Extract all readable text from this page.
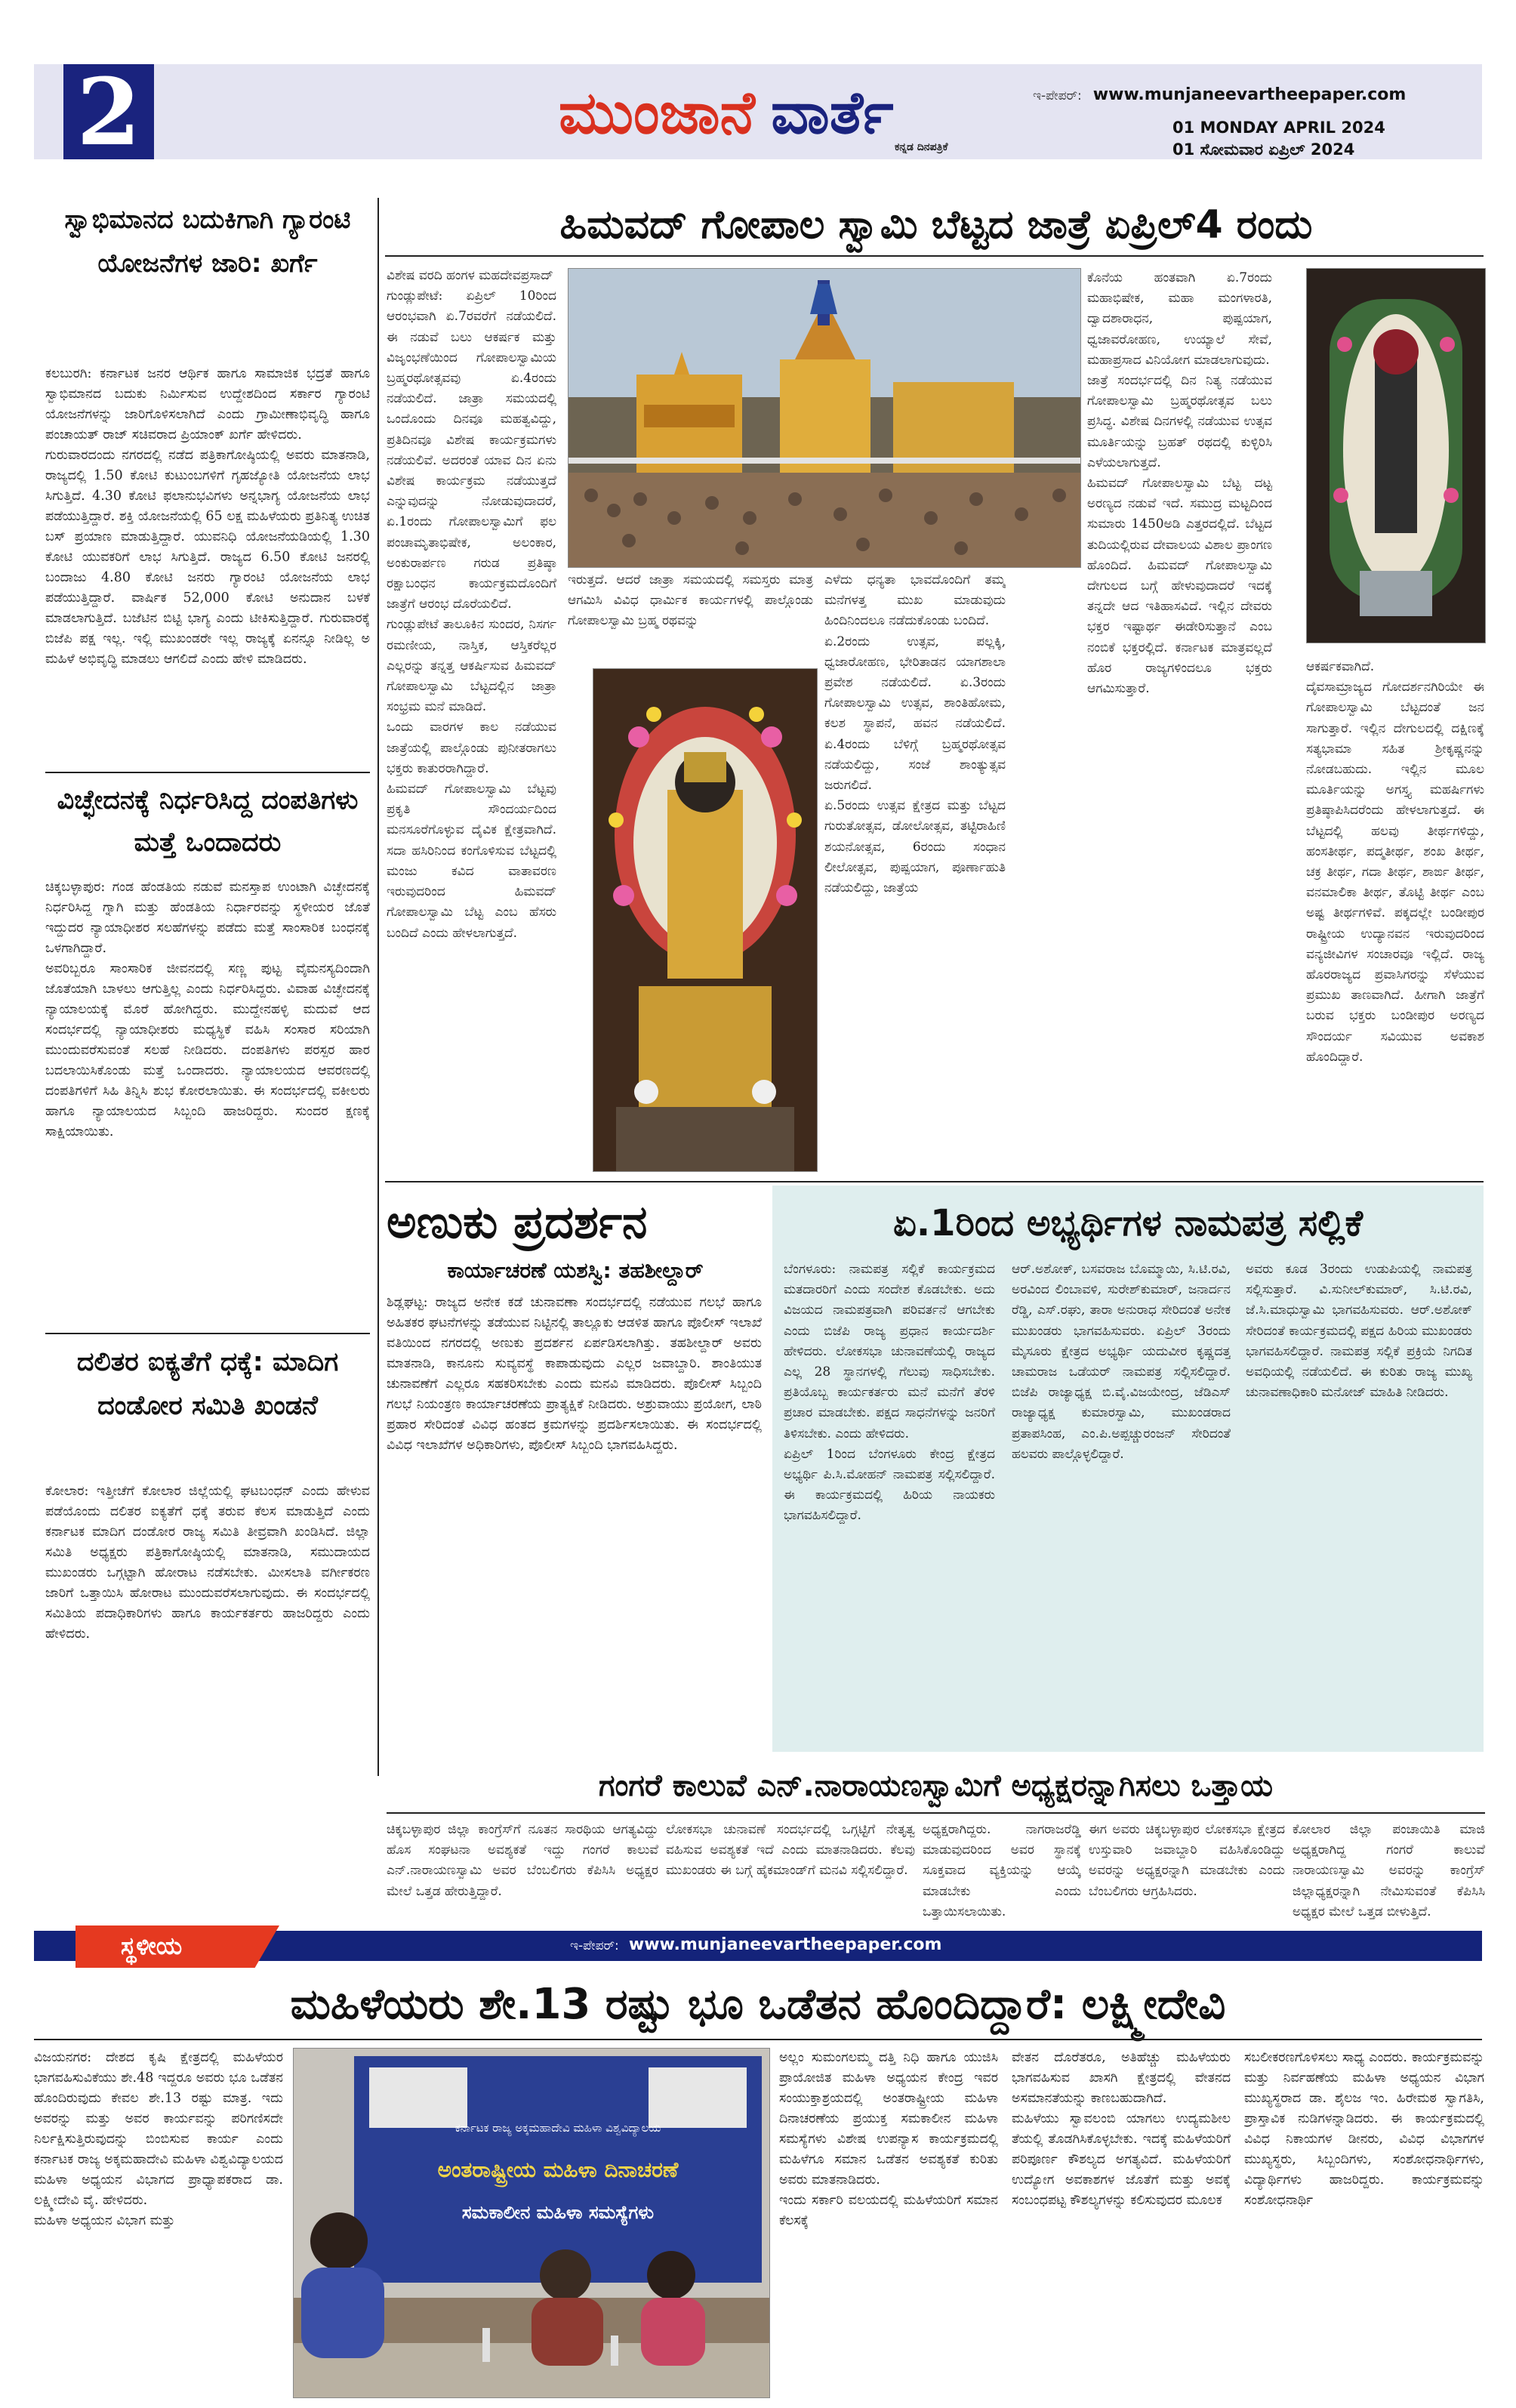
2	ಮುಂಜಾನೆ ವಾರ್ತೆ ಕನ್ನಡ ದಿನಪತ್ರಿಕೆ
ಇ-ಪೇಪರ್: www.munjaneevartheepaper.com
01 MONDAY APRIL 2024
01 ಸೋಮವಾರ ಏಪ್ರಿಲ್ 2024
ಸ್ವಾಭಿಮಾನದ ಬದುಕಿಗಾಗಿ ಗ್ಯಾರಂಟಿ ಯೋಜನೆಗಳ ಜಾರಿ: ಖರ್ಗೆ
ಕಲಬುರಗಿ: ಕರ್ನಾಟಕ ಜನರ ಆರ್ಥಿಕ ಹಾಗೂ ಸಾಮಾಜಿಕ ಭದ್ರತೆ ಹಾಗೂ ಸ್ವಾಭಿಮಾನದ ಬದುಕು ನಿರ್ಮಿಸುವ ಉದ್ದೇಶದಿಂದ ಸರ್ಕಾರ ಗ್ಯಾರಂಟಿ ಯೋಜನೆಗಳನ್ನು ಜಾರಿಗೊಳಿಸಲಾಗಿದೆ ಎಂದು ಗ್ರಾಮೀಣಾಭಿವೃದ್ಧಿ ಹಾಗೂ ಪಂಚಾಯತ್ ರಾಜ್ ಸಚಿವರಾದ ಪ್ರಿಯಾಂಕ್ ಖರ್ಗೆ ಹೇಳಿದರು.
ಗುರುವಾರದಂದು ನಗರದಲ್ಲಿ ನಡೆದ ಪತ್ರಿಕಾಗೋಷ್ಠಿಯಲ್ಲಿ ಅವರು ಮಾತನಾಡಿ, ರಾಜ್ಯದಲ್ಲಿ 1.50 ಕೋಟಿ ಕುಟುಂಬಗಳಿಗೆ ಗೃಹಜ್ಯೋತಿ ಯೋಜನೆಯ ಲಾಭ ಸಿಗುತ್ತಿದೆ. 4.30 ಕೋಟಿ ಫಲಾನುಭವಿಗಳು ಅನ್ನಭಾಗ್ಯ ಯೋಜನೆಯ ಲಾಭ ಪಡೆಯುತ್ತಿದ್ದಾರೆ. ಶಕ್ತಿ ಯೋಜನೆಯಲ್ಲಿ 65 ಲಕ್ಷ ಮಹಿಳೆಯರು ಪ್ರತಿನಿತ್ಯ ಉಚಿತ ಬಸ್ ಪ್ರಯಾಣ ಮಾಡುತ್ತಿದ್ದಾರೆ. ಯುವನಿಧಿ ಯೋಜನೆಯಡಿಯಲ್ಲಿ 1.30 ಕೋಟಿ ಯುವಕರಿಗೆ ಲಾಭ ಸಿಗುತ್ತಿದೆ. ರಾಜ್ಯದ 6.50 ಕೋಟಿ ಜನರಲ್ಲಿ ಬಂದಾಜು 4.80 ಕೋಟಿ ಜನರು ಗ್ಯಾರಂಟಿ ಯೋಜನೆಯ ಲಾಭ ಪಡೆಯುತ್ತಿದ್ದಾರೆ. ವಾರ್ಷಿಕ 52,000 ಕೋಟಿ ಅನುದಾನ ಬಳಕೆ ಮಾಡಲಾಗುತ್ತಿದೆ. ಬಜೆಟಿನ ಬಿಟ್ಟಿ ಭಾಗ್ಯ ಎಂದು ಟೀಕಿಸುತ್ತಿದ್ದಾರೆ. ಗುರುವಾರಕ್ಕೆ ಬಿಜೆಪಿ ಪಕ್ಷ ಇಲ್ಲ. ಇಲ್ಲಿ ಮುಖಂಡರೇ ಇಲ್ಲ ರಾಜ್ಯಕ್ಕೆ ಏನನ್ನೂ ನೀಡಿಲ್ಲ ಅ ಮಹಿಳೆ ಅಭಿವೃದ್ಧಿ ಮಾಡಲು ಆಗಲಿದೆ ಎಂದು ಹೇಳಿ ಮಾಡಿದರು.
ವಿಚ್ಛೇದನಕ್ಕೆ ನಿರ್ಧರಿಸಿದ್ದ ದಂಪತಿಗಳು ಮತ್ತೆ ಒಂದಾದರು
ಚಿಕ್ಕಬಳ್ಳಾಪುರ: ಗಂಡ ಹೆಂಡತಿಯ ನಡುವೆ ಮನಸ್ತಾಪ ಉಂಟಾಗಿ ವಿಚ್ಛೇದನಕ್ಕೆ ನಿರ್ಧರಿಸಿದ್ದ ಗ್ನಾಗಿ ಮತ್ತು ಹೆಂಡತಿಯ ನಿರ್ಧಾರವನ್ನು ಸ್ಥಳೀಯರ ಜೊತೆ ಇದ್ದುದರ ನ್ಯಾಯಾಧೀಶರ ಸಲಹೆಗಳನ್ನು ಪಡೆದು ಮತ್ತೆ ಸಾಂಸಾರಿಕ ಬಂಧನಕ್ಕೆ ಒಳಗಾಗಿದ್ದಾರೆ.
ಅವರಿಬ್ಬರೂ ಸಾಂಸಾರಿಕ ಜೀವನದಲ್ಲಿ ಸಣ್ಣ ಪುಟ್ಟ ವೈಮನಸ್ಯದಿಂದಾಗಿ ಜೊತೆಯಾಗಿ ಬಾಳಲು ಆಗುತ್ತಿಲ್ಲ ಎಂದು ನಿರ್ಧರಿಸಿದ್ದರು. ವಿವಾಹ ವಿಚ್ಛೇದನಕ್ಕೆ ನ್ಯಾಯಾಲಯಕ್ಕೆ ಮೊರೆ ಹೋಗಿದ್ದರು. ಮುದ್ದೇನಹಳ್ಳಿ ಮದುವೆ ಆದ ಸಂದರ್ಭದಲ್ಲಿ ನ್ಯಾಯಾಧೀಶರು ಮಧ್ಯಸ್ಥಿಕೆ ವಹಿಸಿ ಸಂಸಾರ ಸರಿಯಾಗಿ ಮುಂದುವರೆಸುವಂತೆ ಸಲಹೆ ನೀಡಿದರು. ದಂಪತಿಗಳು ಪರಸ್ಪರ ಹಾರ ಬದಲಾಯಿಸಿಕೊಂಡು ಮತ್ತೆ ಒಂದಾದರು. ನ್ಯಾಯಾಲಯದ ಆವರಣದಲ್ಲಿ ದಂಪತಿಗಳಿಗೆ ಸಿಹಿ ತಿನ್ನಿಸಿ ಶುಭ ಕೋರಲಾಯಿತು. ಈ ಸಂದರ್ಭದಲ್ಲಿ ವಕೀಲರು ಹಾಗೂ ನ್ಯಾಯಾಲಯದ ಸಿಬ್ಬಂದಿ ಹಾಜರಿದ್ದರು. ಸುಂದರ ಕ್ಷಣಕ್ಕೆ ಸಾಕ್ಷಿಯಾಯಿತು.
ದಲಿತರ ಐಕ್ಯತೆಗೆ ಧಕ್ಕೆ: ಮಾದಿಗ ದಂಡೋರ ಸಮಿತಿ ಖಂಡನೆ
ಕೋಲಾರ: ಇತ್ತೀಚೆಗೆ ಕೋಲಾರ ಜಿಲ್ಲೆಯಲ್ಲಿ ಘಟಬಂಧನ್ ಎಂದು ಹೇಳುವ ಪಡೆಯೊಂದು ದಲಿತರ ಐಕ್ಯತೆಗೆ ಧಕ್ಕೆ ತರುವ ಕೆಲಸ ಮಾಡುತ್ತಿದೆ ಎಂದು ಕರ್ನಾಟಕ ಮಾದಿಗ ದಂಡೋರ ರಾಜ್ಯ ಸಮಿತಿ ತೀವ್ರವಾಗಿ ಖಂಡಿಸಿದೆ. ಜಿಲ್ಲಾ ಸಮಿತಿ ಅಧ್ಯಕ್ಷರು ಪತ್ರಿಕಾಗೋಷ್ಠಿಯಲ್ಲಿ ಮಾತನಾಡಿ, ಸಮುದಾಯದ ಮುಖಂಡರು ಒಗ್ಗಟ್ಟಾಗಿ ಹೋರಾಟ ನಡೆಸಬೇಕು. ಮೀಸಲಾತಿ ವರ್ಗೀಕರಣ ಜಾರಿಗೆ ಒತ್ತಾಯಿಸಿ ಹೋರಾಟ ಮುಂದುವರೆಸಲಾಗುವುದು. ಈ ಸಂದರ್ಭದಲ್ಲಿ ಸಮಿತಿಯ ಪದಾಧಿಕಾರಿಗಳು ಹಾಗೂ ಕಾರ್ಯಕರ್ತರು ಹಾಜರಿದ್ದರು ಎಂದು ಹೇಳಿದರು.
ಹಿಮವದ್ ಗೋಪಾಲ ಸ್ವಾಮಿ ಬೆಟ್ಟದ ಜಾತ್ರೆ ಏಪ್ರಿಲ್4 ರಂದು
ವಿಶೇಷ ವರದಿ ಹಂಗಳ ಮಹದೇವಪ್ರಸಾದ್
ಗುಂಡ್ಲುಪೇಟೆ: ಏಪ್ರಿಲ್ 10ರಿಂದ ಆರಂಭವಾಗಿ ಏ.7ರವರೆಗೆ ನಡೆಯಲಿದೆ. ಈ ನಡುವೆ ಬಲು ಆಕರ್ಷಕ ಮತ್ತು ವಿಜೃಂಭಣೆಯಿಂದ ಗೋಪಾಲಸ್ವಾಮಿಯ ಬ್ರಹ್ಮರಥೋತ್ಸವವು ಏ.4ರಂದು ನಡೆಯಲಿದೆ. ಜಾತ್ರಾ ಸಮಯದಲ್ಲಿ ಒಂದೊಂದು ದಿನವೂ ಮಹತ್ವವಿದ್ದು, ಪ್ರತಿದಿನವೂ ವಿಶೇಷ ಕಾರ್ಯಕ್ರಮಗಳು ನಡೆಯಲಿವೆ. ಅದರಂತೆ ಯಾವ ದಿನ ಏನು ವಿಶೇಷ ಕಾರ್ಯಕ್ರಮ ನಡೆಯುತ್ತದೆ ಎನ್ನುವುದನ್ನು ನೋಡುವುದಾದರೆ, ಏ.1ರಂದು ಗೋಪಾಲಸ್ವಾಮಿಗೆ ಫಲ ಪಂಚಾಮೃತಾಭಿಷೇಕ, ಅಲಂಕಾರ, ಅಂಕುರಾರ್ಪಣ ಗರುಡ ಪ್ರತಿಷ್ಠಾ ರಕ್ಷಾಬಂಧನ ಕಾರ್ಯಕ್ರಮದೊಂದಿಗೆ ಜಾತ್ರೆಗೆ ಆರಂಭ ದೊರೆಯಲಿದೆ.
ಗುಂಡ್ಲುಪೇಟೆ ತಾಲೂಕಿನ ಸುಂದರ, ನಿಸರ್ಗ ರಮಣೀಯ, ನಾಸ್ತಿಕ, ಆಸ್ತಿಕರೆಲ್ಲರ ಎಲ್ಲರನ್ನು ತನ್ನತ್ತ ಆಕರ್ಷಿಸುವ ಹಿಮವದ್ ಗೋಪಾಲಸ್ವಾಮಿ ಬೆಟ್ಟದಲ್ಲಿನ ಜಾತ್ರಾ ಸಂಭ್ರಮ ಮನೆ ಮಾಡಿದೆ.
ಒಂದು ವಾರಗಳ ಕಾಲ ನಡೆಯುವ ಜಾತ್ರೆಯಲ್ಲಿ ಪಾಲ್ಗೊಂಡು ಪುನೀತರಾಗಲು ಭಕ್ತರು ಕಾತುರರಾಗಿದ್ದಾರೆ.
ಹಿಮವದ್ ಗೋಪಾಲಸ್ವಾಮಿ ಬೆಟ್ಟವು ಪ್ರಕೃತಿ ಸೌಂದರ್ಯದಿಂದ ಮನಸೂರೆಗೊಳ್ಳುವ ದೈವಿಕ ಕ್ಷೇತ್ರವಾಗಿದೆ. ಸದಾ ಹಸಿರಿನಿಂದ ಕಂಗೊಳಿಸುವ ಬೆಟ್ಟದಲ್ಲಿ ಮಂಜು ಕವಿದ ವಾತಾವರಣ ಇರುವುದರಿಂದ ಹಿಮವದ್ ಗೋಪಾಲಸ್ವಾಮಿ ಬೆಟ್ಟ ಎಂಬ ಹೆಸರು ಬಂದಿದೆ ಎಂದು ಹೇಳಲಾಗುತ್ತದೆ.
ಇರುತ್ತದೆ. ಆದರೆ ಜಾತ್ರಾ ಸಮಯದಲ್ಲಿ ಸಮಸ್ತರು ಮಾತ್ರ ಆಗಮಿಸಿ ವಿವಿಧ ಧಾರ್ಮಿಕ ಕಾರ್ಯಗಳಲ್ಲಿ ಪಾಲ್ಗೊಂಡು ಗೋಪಾಲಸ್ವಾಮಿ ಬ್ರಹ್ಮ ರಥವನ್ನು
ಎಳೆದು ಧನ್ಯತಾ ಭಾವದೊಂದಿಗೆ ತಮ್ಮ ಮನೆಗಳತ್ತ ಮುಖ ಮಾಡುವುದು ಹಿಂದಿನಿಂದಲೂ ನಡೆದುಕೊಂಡು ಬಂದಿದೆ.
ಏ.2ರಂದು ಉತ್ಸವ, ಪಲ್ಲಕ್ಕಿ, ಧ್ವಜಾರೋಹಣ, ಭೇರಿತಾಡನ ಯಾಗಶಾಲಾ ಪ್ರವೇಶ ನಡೆಯಲಿದೆ. ಏ.3ರಂದು ಗೋಪಾಲಸ್ವಾಮಿ ಉತ್ಸವ, ಶಾಂತಿಹೋಮ, ಕಲಶ ಸ್ಥಾಪನೆ, ಹವನ ನಡೆಯಲಿದೆ. ಏ.4ರಂದು ಬೆಳಿಗ್ಗೆ ಬ್ರಹ್ಮರಥೋತ್ಸವ ನಡೆಯಲಿದ್ದು, ಸಂಜೆ ಶಾಂತ್ಯುತ್ಸವ ಜರುಗಲಿದೆ.
ಏ.5ರಂದು ಉತ್ಸವ ಕ್ಷೇತ್ರದ ಮತ್ತು ಬೆಟ್ಟದ ಗುರುತೋತ್ಸವ, ಡೋಲೋತ್ಸವ, ತಟ್ಟಿರಾಹಿಣಿ ಶಯನೋತ್ಸವ, 6ರಂದು ಸಂಧಾನ ಲೀಲೋತ್ಸವ, ಪುಷ್ಪಯಾಗ, ಪೂರ್ಣಾಹುತಿ ನಡೆಯಲಿದ್ದು, ಜಾತ್ರೆಯ
ಕೊನೆಯ ಹಂತವಾಗಿ ಏ.7ರಂದು ಮಹಾಭಿಷೇಕ, ಮಹಾ ಮಂಗಳಾರತಿ, ದ್ವಾದಶಾರಾಧನ, ಪುಷ್ಪಯಾಗ, ಧ್ವಜಾವರೋಹಣ, ಉಯ್ಯಾಲೆ ಸೇವೆ, ಮಹಾಪ್ರಸಾದ ವಿನಿಯೋಗ ಮಾಡಲಾಗುವುದು.
ಜಾತ್ರೆ ಸಂದರ್ಭದಲ್ಲಿ ದಿನ ನಿತ್ಯ ನಡೆಯುವ ಗೋಪಾಲಸ್ವಾಮಿ ಬ್ರಹ್ಮರಥೋತ್ಸವ ಬಲು ಪ್ರಸಿದ್ಧ. ವಿಶೇಷ ದಿನಗಳಲ್ಲಿ ನಡೆಯುವ ಉತ್ಸವ ಮೂರ್ತಿಯನ್ನು ಬ್ರಹತ್ ರಥದಲ್ಲಿ ಕುಳ್ಳಿರಿಸಿ ಎಳೆಯಲಾಗುತ್ತದೆ.
ಹಿಮವದ್ ಗೋಪಾಲಸ್ವಾಮಿ ಬೆಟ್ಟ ದಟ್ಟ ಅರಣ್ಯದ ನಡುವೆ ಇದೆ. ಸಮುದ್ರ ಮಟ್ಟದಿಂದ ಸುಮಾರು 1450ಅಡಿ ಎತ್ತರದಲ್ಲಿದೆ. ಬೆಟ್ಟದ ತುದಿಯಲ್ಲಿರುವ ದೇವಾಲಯ ವಿಶಾಲ ಪ್ರಾಂಗಣ ಹೊಂದಿದೆ. ಹಿಮವದ್ ಗೋಪಾಲಸ್ವಾಮಿ ದೇಗುಲದ ಬಗ್ಗೆ ಹೇಳುವುದಾದರೆ ಇದಕ್ಕೆ ತನ್ನದೇ ಆದ ಇತಿಹಾಸವಿದೆ. ಇಲ್ಲಿನ ದೇವರು ಭಕ್ತರ ಇಷ್ಟಾರ್ಥ ಈಡೇರಿಸುತ್ತಾನೆ ಎಂಬ ನಂಬಿಕೆ ಭಕ್ತರಲ್ಲಿದೆ. ಕರ್ನಾಟಕ ಮಾತ್ರವಲ್ಲದೆ ಹೊರ ರಾಜ್ಯಗಳಿಂದಲೂ ಭಕ್ತರು ಆಗಮಿಸುತ್ತಾರೆ.
ಆಕರ್ಷಕವಾಗಿದೆ.
ದೈವಸಾಮ್ರಾಜ್ಯದ ಗೋದರ್ಶನಗಿರಿಯೇ ಈ ಗೋಪಾಲಸ್ವಾಮಿ ಬೆಟ್ಟದಂತೆ ಜನ ಸಾಗುತ್ತಾರೆ. ಇಲ್ಲಿನ ದೇಗುಲದಲ್ಲಿ ದಕ್ಷಿಣಕ್ಕೆ ಸತ್ಯಭಾಮಾ ಸಹಿತ ಶ್ರೀಕೃಷ್ಣನನ್ನು ನೋಡಬಹುದು. ಇಲ್ಲಿನ ಮೂಲ ಮೂರ್ತಿಯನ್ನು ಅಗಸ್ತ್ಯ ಮಹರ್ಷಿಗಳು ಪ್ರತಿಷ್ಠಾಪಿಸಿದರೆಂದು ಹೇಳಲಾಗುತ್ತದೆ. ಈ ಬೆಟ್ಟದಲ್ಲಿ ಹಲವು ತೀರ್ಥಗಳಿದ್ದು, ಹಂಸತೀರ್ಥ, ಪದ್ಮತೀರ್ಥ, ಶಂಖ ತೀರ್ಥ, ಚಕ್ರ ತೀರ್ಥ, ಗದಾ ತೀರ್ಥ, ಶಾರ್ಙ ತೀರ್ಥ, ವನಮಾಲಿಕಾ ತೀರ್ಥ, ತೊಟ್ಟಿ ತೀರ್ಥ ಎಂಬ ಅಷ್ಟ ತೀರ್ಥಗಳಿವೆ. ಪಕ್ಕದಲ್ಲೇ ಬಂಡೀಪುರ ರಾಷ್ಟ್ರೀಯ ಉದ್ಯಾನವನ ಇರುವುದರಿಂದ ವನ್ಯಜೀವಿಗಳ ಸಂಚಾರವೂ ಇಲ್ಲಿದೆ. ರಾಜ್ಯ ಹೊರರಾಜ್ಯದ ಪ್ರವಾಸಿಗರನ್ನು ಸೆಳೆಯುವ ಪ್ರಮುಖ ತಾಣವಾಗಿದೆ. ಹೀಗಾಗಿ ಜಾತ್ರೆಗೆ ಬರುವ ಭಕ್ತರು ಬಂಡೀಪುರ ಅರಣ್ಯದ ಸೌಂದರ್ಯ ಸವಿಯುವ ಅವಕಾಶ ಹೊಂದಿದ್ದಾರೆ.
ಅಣುಕು ಪ್ರದರ್ಶನ
ಕಾರ್ಯಾಚರಣೆ ಯಶಸ್ವಿ: ತಹಶೀಲ್ದಾರ್
ಶಿಡ್ಲಘಟ್ಟ: ರಾಜ್ಯದ ಅನೇಕ ಕಡೆ ಚುನಾವಣಾ ಸಂದರ್ಭದಲ್ಲಿ ನಡೆಯುವ ಗಲಭೆ ಹಾಗೂ ಅಹಿತಕರ ಘಟನೆಗಳನ್ನು ತಡೆಯುವ ನಿಟ್ಟಿನಲ್ಲಿ ತಾಲ್ಲೂಕು ಆಡಳಿತ ಹಾಗೂ ಪೊಲೀಸ್ ಇಲಾಖೆ ವತಿಯಿಂದ ನಗರದಲ್ಲಿ ಅಣುಕು ಪ್ರದರ್ಶನ ಏರ್ಪಡಿಸಲಾಗಿತ್ತು. ತಹಶೀಲ್ದಾರ್ ಅವರು ಮಾತನಾಡಿ, ಕಾನೂನು ಸುವ್ಯವಸ್ಥೆ ಕಾಪಾಡುವುದು ಎಲ್ಲರ ಜವಾಬ್ದಾರಿ. ಶಾಂತಿಯುತ ಚುನಾವಣೆಗೆ ಎಲ್ಲರೂ ಸಹಕರಿಸಬೇಕು ಎಂದು ಮನವಿ ಮಾಡಿದರು. ಪೊಲೀಸ್ ಸಿಬ್ಬಂದಿ ಗಲಭೆ ನಿಯಂತ್ರಣ ಕಾರ್ಯಾಚರಣೆಯ ಪ್ರಾತ್ಯಕ್ಷಿಕೆ ನೀಡಿದರು. ಅಶ್ರುವಾಯು ಪ್ರಯೋಗ, ಲಾಠಿ ಪ್ರಹಾರ ಸೇರಿದಂತೆ ವಿವಿಧ ಹಂತದ ಕ್ರಮಗಳನ್ನು ಪ್ರದರ್ಶಿಸಲಾಯಿತು. ಈ ಸಂದರ್ಭದಲ್ಲಿ ವಿವಿಧ ಇಲಾಖೆಗಳ ಅಧಿಕಾರಿಗಳು, ಪೊಲೀಸ್ ಸಿಬ್ಬಂದಿ ಭಾಗವಹಿಸಿದ್ದರು.
ಏ.1ರಿಂದ ಅಭ್ಯರ್ಥಿಗಳ ನಾಮಪತ್ರ ಸಲ್ಲಿಕೆ
ಬೆಂಗಳೂರು: ನಾಮಪತ್ರ ಸಲ್ಲಿಕೆ ಕಾರ್ಯಕ್ರಮದ ಮತದಾರರಿಗೆ ಎಂದು ಸಂದೇಶ ಕೊಡಬೇಕು. ಅದು ವಿಜಯದ ನಾಮಪತ್ರವಾಗಿ ಪರಿವರ್ತನೆ ಆಗಬೇಕು ಎಂದು ಬಿಜೆಪಿ ರಾಜ್ಯ ಪ್ರಧಾನ ಕಾರ್ಯದರ್ಶಿ ಹೇಳಿದರು. ಲೋಕಸಭಾ ಚುನಾವಣೆಯಲ್ಲಿ ರಾಜ್ಯದ ಎಲ್ಲ 28 ಸ್ಥಾನಗಳಲ್ಲಿ ಗೆಲುವು ಸಾಧಿಸಬೇಕು. ಪ್ರತಿಯೊಬ್ಬ ಕಾರ್ಯಕರ್ತರು ಮನೆ ಮನೆಗೆ ತೆರಳಿ ಪ್ರಚಾರ ಮಾಡಬೇಕು. ಪಕ್ಷದ ಸಾಧನೆಗಳನ್ನು ಜನರಿಗೆ ತಿಳಿಸಬೇಕು. ಎಂದು ಹೇಳಿದರು.
ಏಪ್ರಿಲ್ 1ರಿಂದ ಬೆಂಗಳೂರು ಕೇಂದ್ರ ಕ್ಷೇತ್ರದ ಅಭ್ಯರ್ಥಿ ಪಿ.ಸಿ.ಮೋಹನ್ ನಾಮಪತ್ರ ಸಲ್ಲಿಸಲಿದ್ದಾರೆ. ಈ ಕಾರ್ಯಕ್ರಮದಲ್ಲಿ ಹಿರಿಯ ನಾಯಕರು ಭಾಗವಹಿಸಲಿದ್ದಾರೆ.
ಆರ್.ಅಶೋಕ್, ಬಸವರಾಜ ಬೊಮ್ಮಾಯಿ, ಸಿ.ಟಿ.ರವಿ, ಅರವಿಂದ ಲಿಂಬಾವಳಿ, ಸುರೇಶ್‌ಕುಮಾರ್, ಜನಾರ್ದನ ರೆಡ್ಡಿ, ಎಸ್.ರಘು, ತಾರಾ ಅನುರಾಧ ಸೇರಿದಂತೆ ಅನೇಕ ಮುಖಂಡರು ಭಾಗವಹಿಸುವರು. ಏಪ್ರಿಲ್ 3ರಂದು ಮೈಸೂರು ಕ್ಷೇತ್ರದ ಅಭ್ಯರ್ಥಿ ಯದುವೀರ ಕೃಷ್ಣದತ್ತ ಚಾಮರಾಜ ಒಡೆಯರ್ ನಾಮಪತ್ರ ಸಲ್ಲಿಸಲಿದ್ದಾರೆ. ಬಿಜೆಪಿ ರಾಜ್ಯಾಧ್ಯಕ್ಷ ಬಿ.ವೈ.ವಿಜಯೇಂದ್ರ, ಜೆಡಿಎಸ್ ರಾಜ್ಯಾಧ್ಯಕ್ಷ ಕುಮಾರಸ್ವಾಮಿ, ಮುಖಂಡರಾದ ಪ್ರತಾಪಸಿಂಹ, ಎಂ.ಪಿ.ಅಪ್ಪಚ್ಚುರಂಜನ್ ಸೇರಿದಂತೆ ಹಲವರು ಪಾಲ್ಗೊಳ್ಳಲಿದ್ದಾರೆ.
ಅವರು ಕೂಡ 3ರಂದು ಉಡುಪಿಯಲ್ಲಿ ನಾಮಪತ್ರ ಸಲ್ಲಿಸುತ್ತಾರೆ. ವಿ.ಸುನೀಲ್‌ಕುಮಾರ್, ಸಿ.ಟಿ.ರವಿ, ಜೆ.ಸಿ.ಮಾಧುಸ್ವಾಮಿ ಭಾಗವಹಿಸುವರು. ಆರ್.ಅಶೋಕ್ ಸೇರಿದಂತೆ ಕಾರ್ಯಕ್ರಮದಲ್ಲಿ ಪಕ್ಷದ ಹಿರಿಯ ಮುಖಂಡರು ಭಾಗವಹಿಸಲಿದ್ದಾರೆ. ನಾಮಪತ್ರ ಸಲ್ಲಿಕೆ ಪ್ರಕ್ರಿಯೆ ನಿಗದಿತ ಅವಧಿಯಲ್ಲಿ ನಡೆಯಲಿದೆ. ಈ ಕುರಿತು ರಾಜ್ಯ ಮುಖ್ಯ ಚುನಾವಣಾಧಿಕಾರಿ ಮನೋಜ್ ಮಾಹಿತಿ ನೀಡಿದರು.
ಗಂಗರೆ ಕಾಲುವೆ ಎನ್.ನಾರಾಯಣಸ್ವಾಮಿಗೆ ಅಧ್ಯಕ್ಷರನ್ನಾಗಿಸಲು ಒತ್ತಾಯ
ಚಿಕ್ಕಬಳ್ಳಾಪುರ ಜಿಲ್ಲಾ ಕಾಂಗ್ರೆಸ್‌ಗೆ ನೂತನ ಸಾರಥಿಯ ಆಗತ್ಯವಿದ್ದು ಹೊಸ ಸಂಘಟನಾ ಅವಶ್ಯಕತೆ ಇದ್ದು ಗಂಗರೆ ಕಾಲುವೆ ಎನ್.ನಾರಾಯಣಸ್ವಾಮಿ ಅವರ ಬೆಂಬಲಿಗರು ಕೆಪಿಸಿಸಿ ಅಧ್ಯಕ್ಷರ ಮೇಲೆ ಒತ್ತಡ ಹೇರುತ್ತಿದ್ದಾರೆ.
ಲೋಕಸಭಾ ಚುನಾವಣೆ ಸಂದರ್ಭದಲ್ಲಿ ಒಗ್ಗಟ್ಟಿಗೆ ನೇತೃತ್ವ ವಹಿಸುವ ಅವಶ್ಯಕತೆ ಇದೆ ಎಂದು ಮಾತನಾಡಿದರು. ಕೆಲವು ಮುಖಂಡರು ಈ ಬಗ್ಗೆ ಹೈಕಮಾಂಡ್‌ಗೆ ಮನವಿ ಸಲ್ಲಿಸಲಿದ್ದಾರೆ.
ಅಧ್ಯಕ್ಷರಾಗಿದ್ದರು. ನಾಗರಾಜರೆಡ್ಡಿ ಮಾಡುವುದರಿಂದ ಅವರ ಸ್ಥಾನಕ್ಕೆ ಸೂಕ್ತವಾದ ವ್ಯಕ್ತಿಯನ್ನು ಆಯ್ಕೆ ಮಾಡಬೇಕು ಎಂದು ಒತ್ತಾಯಿಸಲಾಯಿತು.
ಈಗ ಅವರು ಚಿಕ್ಕಬಳ್ಳಾಪುರ ಲೋಕಸಭಾ ಕ್ಷೇತ್ರದ ಉಸ್ತುವಾರಿ ಜವಾಬ್ದಾರಿ ವಹಿಸಿಕೊಂಡಿದ್ದು ಅವರನ್ನು ಅಧ್ಯಕ್ಷರನ್ನಾಗಿ ಮಾಡಬೇಕು ಎಂದು ಬೆಂಬಲಿಗರು ಆಗ್ರಹಿಸಿದರು.
ಕೋಲಾರ ಜಿಲ್ಲಾ ಪಂಚಾಯಿತಿ ಮಾಜಿ ಅಧ್ಯಕ್ಷರಾಗಿದ್ದ ಗಂಗರೆ ಕಾಲುವೆ ನಾರಾಯಣಸ್ವಾಮಿ ಅವರನ್ನು ಕಾಂಗ್ರೆಸ್ ಜಿಲ್ಲಾಧ್ಯಕ್ಷರನ್ನಾಗಿ ನೇಮಿಸುವಂತೆ ಕೆಪಿಸಿಸಿ ಅಧ್ಯಕ್ಷರ ಮೇಲೆ ಒತ್ತಡ ಬೀಳುತ್ತಿದೆ.
ಸ್ಥಳೀಯ	ಇ-ಪೇಪರ್: www.munjaneevartheepaper.com
ಮಹಿಳೆಯರು ಶೇ.13 ರಷ್ಟು ಭೂ ಒಡೆತನ ಹೊಂದಿದ್ದಾರೆ: ಲಕ್ಷ್ಮೀದೇವಿ
ವಿಜಯನಗರ: ದೇಶದ ಕೃಷಿ ಕ್ಷೇತ್ರದಲ್ಲಿ ಮಹಿಳೆಯರ ಭಾಗವಹಿಸುವಿಕೆಯು ಶೇ.48 ಇದ್ದರೂ ಅವರು ಭೂ ಒಡೆತನ ಹೊಂದಿರುವುದು ಕೇವಲ ಶೇ.13 ರಷ್ಟು ಮಾತ್ರ. ಇದು ಅವರನ್ನು ಮತ್ತು ಅವರ ಕಾರ್ಯವನ್ನು ಪರಿಗಣಿಸದೇ ನಿರ್ಲಕ್ಷಿಸುತ್ತಿರುವುದನ್ನು ಬಿಂಬಿಸುವ ಕಾರ್ಯ ಎಂದು ಕರ್ನಾಟಕ ರಾಜ್ಯ ಅಕ್ಕಮಹಾದೇವಿ ಮಹಿಳಾ ವಿಶ್ವವಿದ್ಯಾಲಯದ ಮಹಿಳಾ ಅಧ್ಯಯನ ವಿಭಾಗದ ಪ್ರಾಧ್ಯಾಪಕರಾದ ಡಾ. ಲಕ್ಷ್ಮೀದೇವಿ ವೈ. ಹೇಳಿದರು.
ಮಹಿಳಾ ಅಧ್ಯಯನ ವಿಭಾಗ ಮತ್ತು
ಕರ್ನಾಟಕ ರಾಜ್ಯ ಅಕ್ಕಮಹಾದೇವಿ ಮಹಿಳಾ ವಿಶ್ವವಿದ್ಯಾಲಯ
ಅಂತರಾಷ್ಟ್ರೀಯ ಮಹಿಳಾ ದಿನಾಚರಣೆ
ಸಮಕಾಲೀನ ಮಹಿಳಾ ಸಮಸ್ಯೆಗಳು
ಅಲ್ಲಂ ಸುಮಂಗಲಮ್ಮ ದತ್ತಿ ನಿಧಿ ಹಾಗೂ ಯುಜಿಸಿ ಪ್ರಾಯೋಜಿತ ಮಹಿಳಾ ಅಧ್ಯಯನ ಕೇಂದ್ರ ಇವರ ಸಂಯುಕ್ತಾಶ್ರಯದಲ್ಲಿ ಅಂತರಾಷ್ಟ್ರೀಯ ಮಹಿಳಾ ದಿನಾಚರಣೆಯ ಪ್ರಯುಕ್ತ ಸಮಕಾಲೀನ ಮಹಿಳಾ ಸಮಸ್ಯೆಗಳು ವಿಶೇಷ ಉಪನ್ಯಾಸ ಕಾರ್ಯಕ್ರಮದಲ್ಲಿ ಮಹಿಳೆಗೂ ಸಮಾನ ಒಡೆತನ ಅವಶ್ಯಕತೆ ಕುರಿತು ಅವರು ಮಾತನಾಡಿದರು.
ಇಂದು ಸರ್ಕಾರಿ ವಲಯದಲ್ಲಿ ಮಹಿಳೆಯರಿಗೆ ಸಮಾನ ಕೆಲಸಕ್ಕೆ
ವೇತನ ದೊರೆತರೂ, ಅತಿಹೆಚ್ಚು ಮಹಿಳೆಯರು ಭಾಗವಹಿಸುವ ಖಾಸಗಿ ಕ್ಷೇತ್ರದಲ್ಲಿ ವೇತನದ ಅಸಮಾನತೆಯನ್ನು ಕಾಣಬಹುದಾಗಿದೆ.
ಮಹಿಳೆಯು ಸ್ವಾವಲಂಬಿ ಯಾಗಲು ಉದ್ಯಮಶೀಲ ತೆಯಲ್ಲಿ ತೊಡಗಿಸಿಕೊಳ್ಳಬೇಕು. ಇದಕ್ಕೆ ಮಹಿಳೆಯರಿಗೆ ಪರಿಪೂರ್ಣ ಕೌಶಲ್ಯದ ಅಗತ್ಯವಿದೆ. ಮಹಿಳೆಯರಿಗೆ ಉದ್ಯೋಗ ಅವಕಾಶಗಳ ಜೊತೆಗೆ ಮತ್ತು ಅವಕ್ಕೆ ಸಂಬಂಧಪಟ್ಟ ಕೌಶಲ್ಯಗಳನ್ನು ಕಲಿಸುವುದರ ಮೂಲಕ
ಸಬಲೀಕರಣಗೊಳಿಸಲು ಸಾಧ್ಯ ಎಂದರು. ಕಾರ್ಯಕ್ರಮವನ್ನು ಮತ್ತು ನಿರ್ವಹಣೆಯ ಮಹಿಳಾ ಅಧ್ಯಯನ ವಿಭಾಗ ಮುಖ್ಯಸ್ಥರಾದ ಡಾ. ಶೈಲಜ ಇಂ. ಹಿರೇಮಠ ಸ್ವಾಗತಿಸಿ, ಪ್ರಾಸ್ತಾವಿಕ ನುಡಿಗಳನ್ನಾಡಿದರು. ಈ ಕಾರ್ಯಕ್ರಮದಲ್ಲಿ ವಿವಿಧ ನಿಕಾಯಗಳ ಡೀನರು, ವಿವಿಧ ವಿಭಾಗಗಳ ಮುಖ್ಯಸ್ಥರು, ಸಿಬ್ಬಂದಿಗಳು, ಸಂಶೋಧನಾರ್ಥಿಗಳು, ವಿದ್ಯಾರ್ಥಿಗಳು ಹಾಜರಿದ್ದರು. ಕಾರ್ಯಕ್ರಮವನ್ನು ಸಂಶೋಧನಾರ್ಥಿ
